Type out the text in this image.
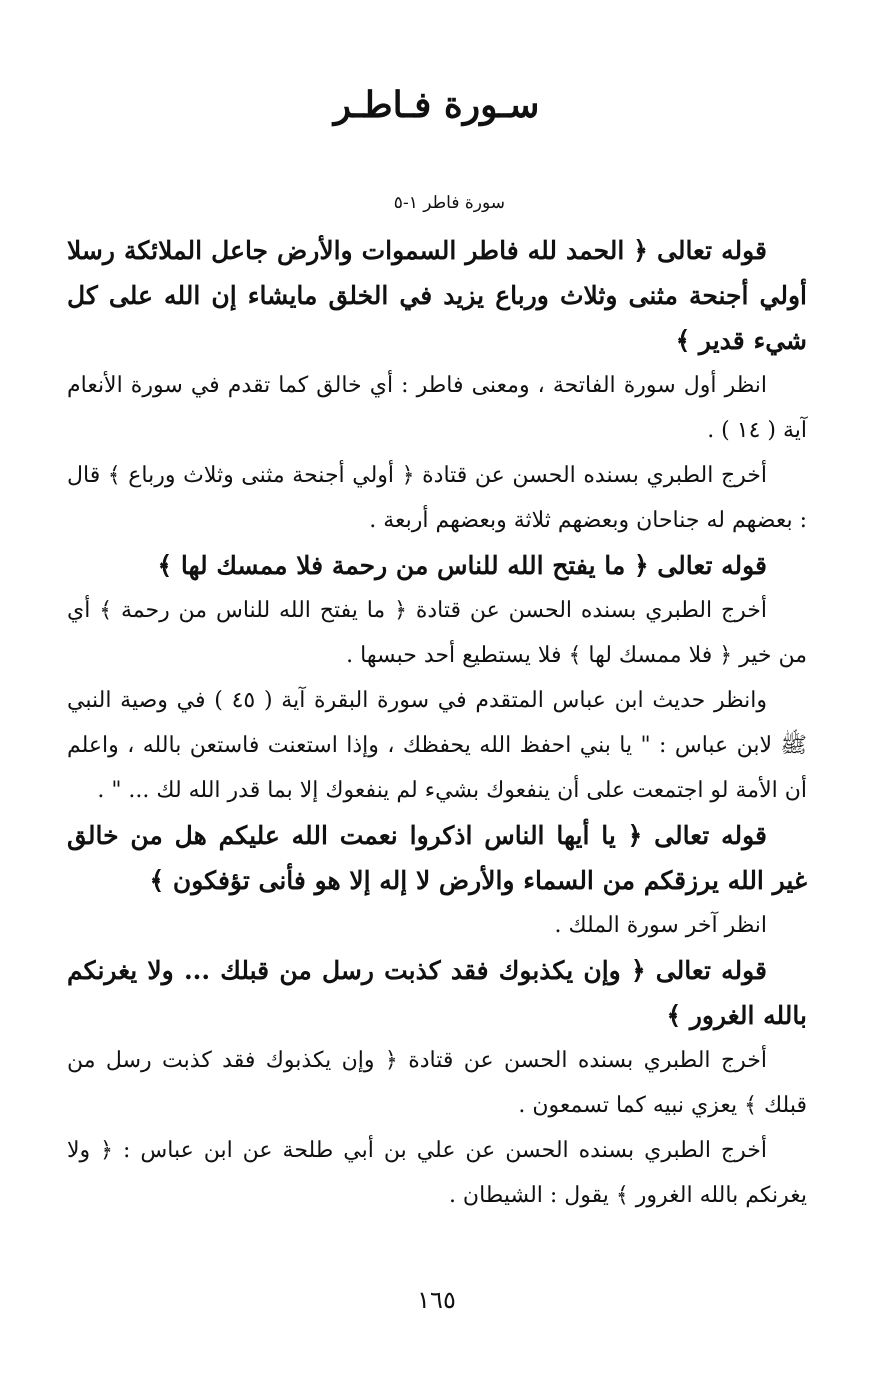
سـورة فـاطـر
سورة فاطر ١-٥

قوله تعالى ﴿ الحمد لله فاطر السموات والأرض جاعل الملائكة رسلا أولي أجنحة مثنى وثلاث ورباع يزيد في الخلق مايشاء إن الله على كل شيء قدير ﴾

انظر أول سورة الفاتحة ، ومعنى فاطر : أي خالق كما تقدم في سورة الأنعام آية ( ١٤ ) .

أخرج الطبري بسنده الحسن عن قتادة ﴿ أولي أجنحة مثنى وثلاث ورباع ﴾ قال : بعضهم له جناحان وبعضهم ثلاثة وبعضهم أربعة .

قوله تعالى ﴿ ما يفتح الله للناس من رحمة فلا ممسك لها ﴾

أخرج الطبري بسنده الحسن عن قتادة ﴿ ما يفتح الله للناس من رحمة ﴾ أي من خير ﴿ فلا ممسك لها ﴾ فلا يستطيع أحد حبسها .

وانظر حديث ابن عباس المتقدم في سورة البقرة آية ( ٤٥ ) في وصية النبي ﷺ لابن عباس : " يا بني احفظ الله يحفظك ، وإذا استعنت فاستعن بالله ، واعلم أن الأمة لو اجتمعت على أن ينفعوك بشيء لم ينفعوك إلا بما قدر الله لك ... " .

قوله تعالى ﴿ يا أيها الناس اذكروا نعمت الله عليكم هل من خالق غير الله يرزقكم من السماء والأرض لا إله إلا هو فأنى تؤفكون ﴾

انظر آخر سورة الملك .

قوله تعالى ﴿ وإن يكذبوك فقد كذبت رسل من قبلك ... ولا يغرنكم بالله الغرور ﴾

أخرج الطبري بسنده الحسن عن قتادة ﴿ وإن يكذبوك فقد كذبت رسل من قبلك ﴾ يعزي نبيه كما تسمعون .

أخرج الطبري بسنده الحسن عن علي بن أبي طلحة عن ابن عباس : ﴿ ولا يغرنكم بالله الغرور ﴾ يقول : الشيطان .

١٦٥
